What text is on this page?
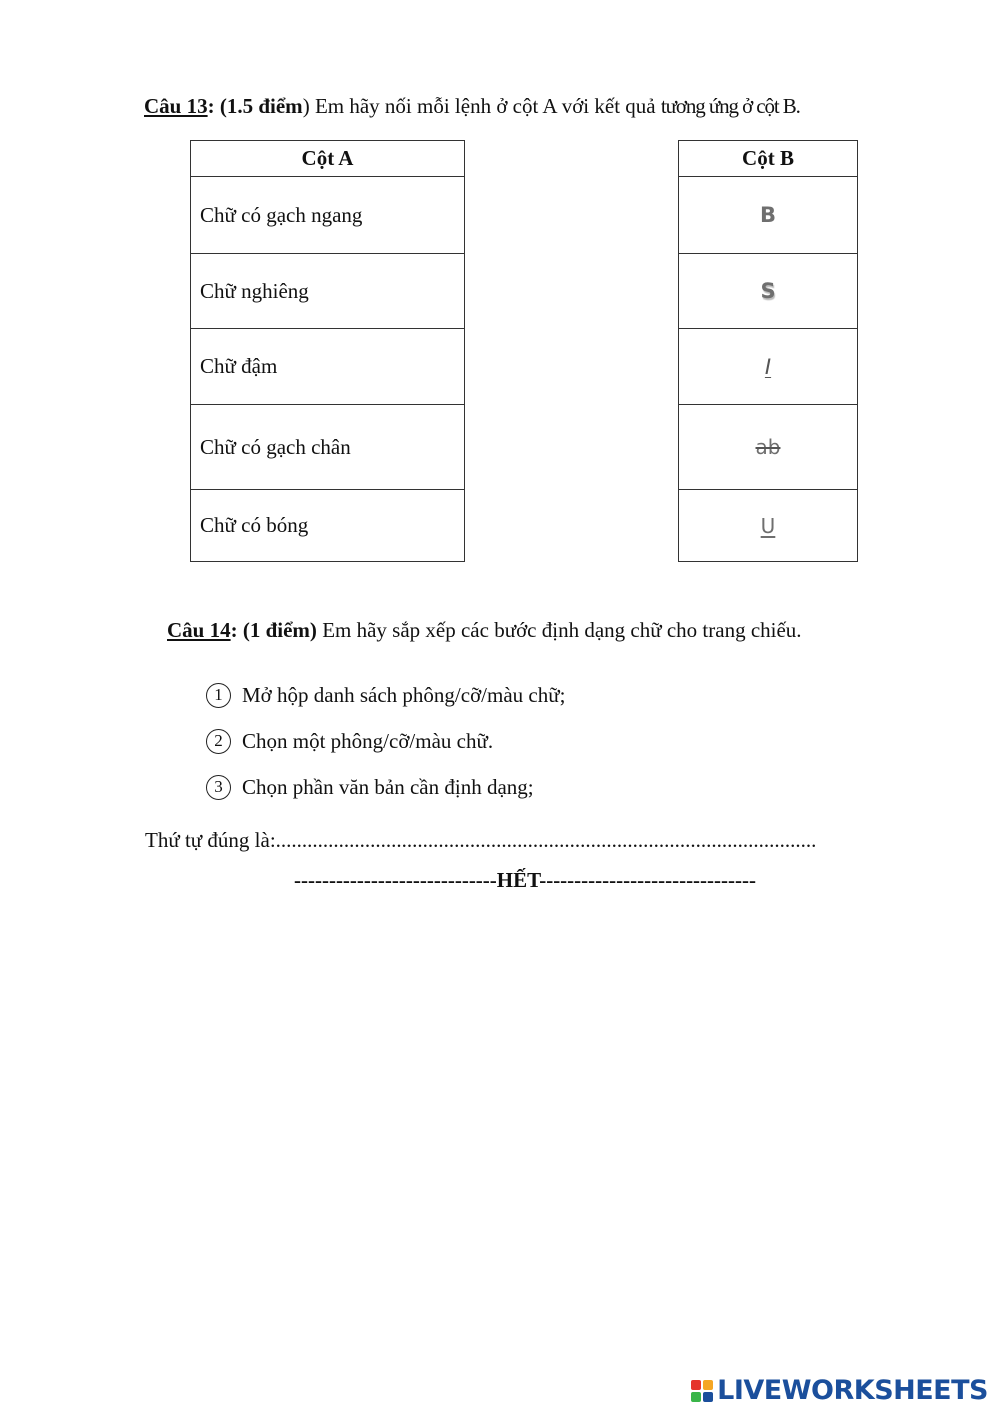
Câu 13: (1.5 điểm) Em hãy nối mỗi lệnh ở cột A với kết quả tương ứng ở cột B.
Cột A
Chữ có gạch ngang
Chữ nghiêng
Chữ đậm
Chữ có gạch chân
Chữ có bóng
Cột B
B
S
I
ab
U
Câu 14: (1 điểm) Em hãy sắp xếp các bước định dạng chữ cho trang chiếu.
1 Mở hộp danh sách phông/cỡ/màu chữ;
2 Chọn một phông/cỡ/màu chữ.
3 Chọn phần văn bản cần định dạng;
Thứ tự đúng là:.......................................................................................................
-----------------------------HẾT-------------------------------
LIVEWORKSHEETS
